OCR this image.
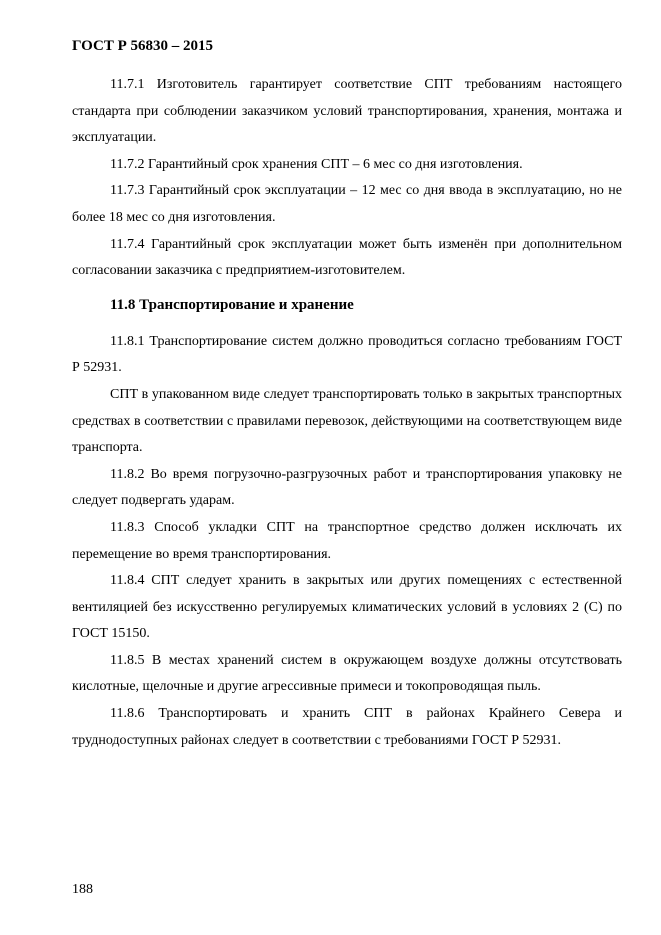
ГОСТ Р 56830 – 2015

11.7.1 Изготовитель гарантирует соответствие СПТ требованиям настоящего стандарта при соблюдении заказчиком условий транспортирования, хранения, монтажа и эксплуатации.

11.7.2 Гарантийный срок хранения СПТ – 6 мес со дня изготовления.

11.7.3 Гарантийный срок эксплуатации – 12 мес со дня ввода в эксплуатацию, но не более 18 мес со дня изготовления.

11.7.4 Гарантийный срок эксплуатации может быть изменён при дополнительном согласовании заказчика с предприятием-изготовителем.

11.8 Транспортирование и хранение

11.8.1 Транспортирование систем должно проводиться согласно требованиям ГОСТ Р 52931.

СПТ в упакованном виде следует транспортировать только в закрытых транспортных средствах в соответствии с правилами перевозок, действующими на соответствующем виде транспорта.

11.8.2 Во время погрузочно-разгрузочных работ и транспортирования упаковку не следует подвергать ударам.

11.8.3 Способ укладки СПТ на транспортное средство должен исключать их перемещение во время транспортирования.

11.8.4 СПТ следует хранить в закрытых или других помещениях с естественной вентиляцией без искусственно регулируемых климатических условий в условиях 2 (С) по ГОСТ 15150.

11.8.5 В местах хранений систем в окружающем воздухе должны отсутствовать кислотные, щелочные и другие агрессивные примеси и токопроводящая пыль.

11.8.6 Транспортировать и хранить СПТ в районах Крайнего Севера и труднодоступных районах следует в соответствии с требованиями ГОСТ Р 52931.

188
